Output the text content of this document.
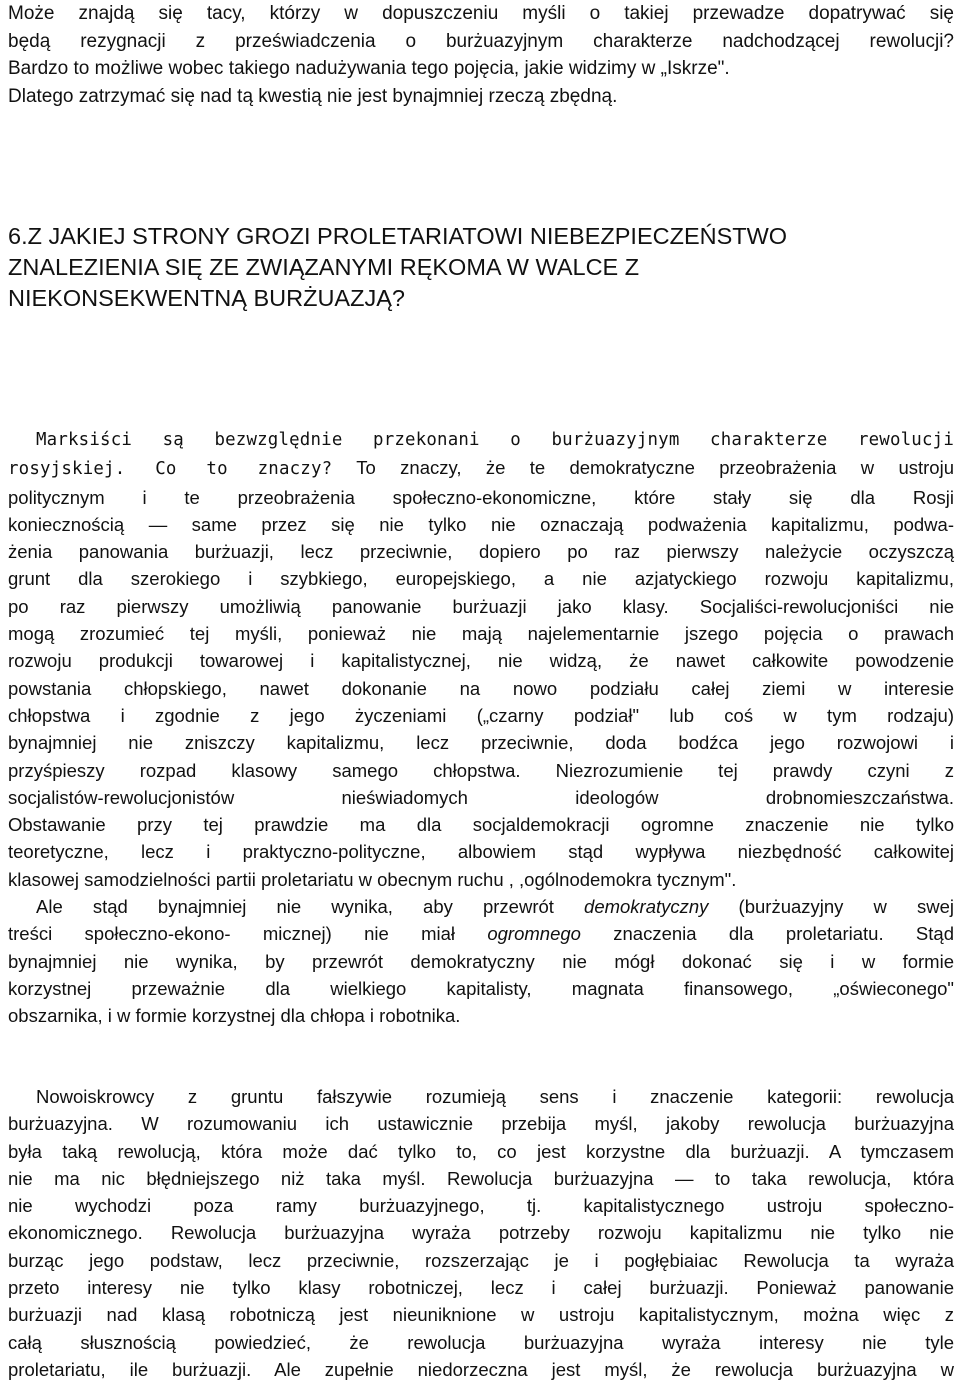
Może znajdą się tacy, którzy w dopuszczeniu myśli o takiej przewadze dopatrywać się
będą rezygnacji z przeświadczenia o burżuazyjnym charakterze nadchodzącej rewolucji?
Bardzo to możliwe wobec takiego nadużywania tego pojęcia, jakie widzimy w „Iskrze".
Dlatego zatrzymać się nad tą kwestią nie jest bynajmniej rzeczą zbędną.
6.Z JAKIEJ STRONY GROZI PROLETARIATOWI NIEBEZPIECZEŃSTWO
ZNALEZIENIA SIĘ ZE ZWIĄZANYMI RĘKOMA W WALCE Z
NIEKONSEKWENTNĄ BURŻUAZJĄ?
Marksiści są bezwzględnie przekonani o burżuazyjnym charakterze rewolucji
rosyjskiej. Co to znaczy? To znaczy, że te demokratyczne przeobrażenia w ustroju
politycznym i te przeobrażenia społeczno-ekonomiczne, które stały się dla Rosji
koniecznością — same przez się nie tylko nie oznaczają podważenia kapitalizmu, podwa-
żenia panowania burżuazji, lecz przeciwnie, dopiero po raz pierwszy należycie oczyszczą
grunt dla szerokiego i szybkiego, europejskiego, a nie azjatyckiego rozwoju kapitalizmu,
po raz pierwszy umożliwią panowanie burżuazji jako klasy. Socjaliści-rewolucjoniści nie
mogą zrozumieć tej myśli, ponieważ nie mają najelementarnie jszego pojęcia o prawach
rozwoju produkcji towarowej i kapitalistycznej, nie widzą, że nawet całkowite powodzenie
powstania chłopskiego, nawet dokonanie na nowo podziału całej ziemi w interesie
chłopstwa i zgodnie z jego życzeniami („czarny podział" lub coś w tym rodzaju)
bynajmniej nie zniszczy kapitalizmu, lecz przeciwnie, doda bodźca jego rozwojowi i
przyśpieszy rozpad klasowy samego chłopstwa. Niezrozumienie tej prawdy czyni z
socjalistów-rewolucjonistów nieświadomych ideologów drobnomieszczaństwa.
Obstawanie przy tej prawdzie ma dla socjaldemokracji ogromne znaczenie nie tylko
teoretyczne, lecz i praktyczno-polityczne, albowiem stąd wypływa niezbędność całkowitej
klasowej samodzielności partii proletariatu w obecnym ruchu , ,ogólnodemokra tycznym".
Ale stąd bynajmniej nie wynika, aby przewrót demokratyczny (burżuazyjny w swej
treści społeczno-ekono- micznej) nie miał ogromnego znaczenia dla proletariatu. Stąd
bynajmniej nie wynika, by przewrót demokratyczny nie mógł dokonać się i w formie
korzystnej przeważnie dla wielkiego kapitalisty, magnata finansowego, „oświeconego"
obszarnika, i w formie korzystnej dla chłopa i robotnika.
Nowoiskrowcy z gruntu fałszywie rozumieją sens i znaczenie kategorii: rewolucja
burżuazyjna. W rozumowaniu ich ustawicznie przebija myśl, jakoby rewolucja burżuazyjna
była taką rewolucją, która może dać tylko to, co jest korzystne dla burżuazji. A tymczasem
nie ma nic błędniejszego niż taka myśl. Rewolucja burżuazyjna — to taka rewolucja, która
nie wychodzi poza ramy burżuazyjnego, tj. kapitalistycznego ustroju społeczno-
ekonomicznego. Rewolucja burżuazyjna wyraża potrzeby rozwoju kapitalizmu nie tylko nie
burząc jego podstaw, lecz przeciwnie, rozszerzając je i pogłębiaiac Rewolucja ta wyraża
przeto interesy nie tylko klasy robotniczej, lecz i całej burżuazji. Ponieważ panowanie
burżuazji nad klasą robotniczą jest nieuniknione w ustroju kapitalistycznym, można więc z
całą słusznością powiedzieć, że rewolucja burżuazyjna wyraża interesy nie tyle
proletariatu, ile burżuazji. Ale zupełnie niedorzeczna jest myśl, że rewolucja burżuazyjna w
